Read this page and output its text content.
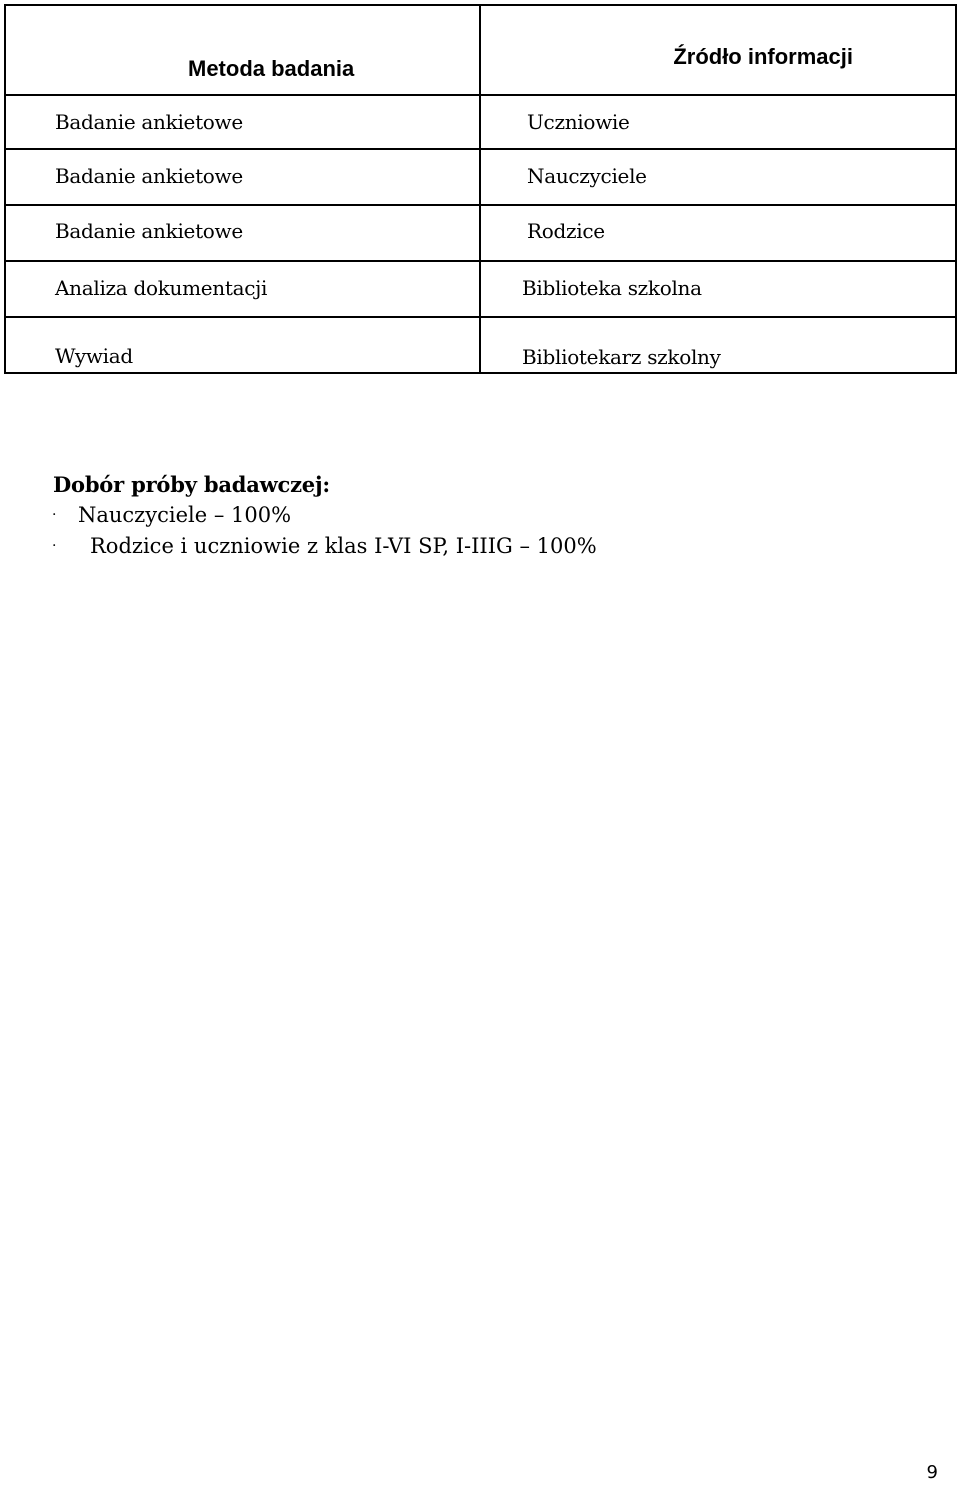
Metoda badania	Źródło informacji

Badanie ankietowe	Uczniowie

Badanie ankietowe	Nauczyciele

Badanie ankietowe	Rodzice

Analiza dokumentacji	Biblioteka szkolna

Wywiad	Bibliotekarz szkolny

Dobór próby badawczej:

· Nauczyciele – 100%
· Rodzice i uczniowie z klas I-VI SP, I-IIIG – 100%
9
